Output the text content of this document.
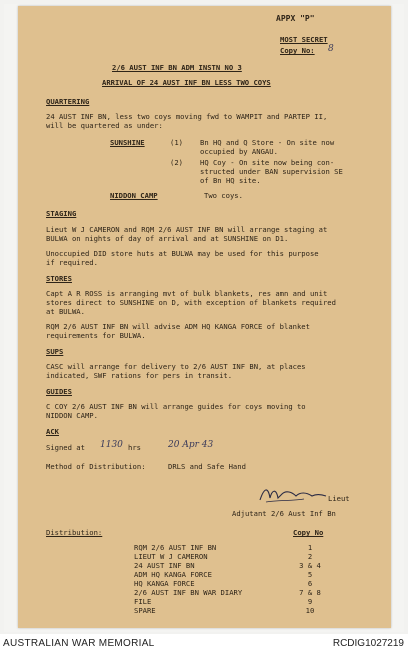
APPX "P"
MOST SECRET
Copy No: 8
2/6 AUST INF BN ADM INSTN NO 3
ARRIVAL OF 24 AUST INF BN LESS TWO COYS
QUARTERING
24 AUST INF BN, less two coys moving fwd to WAMPIT and PARTEP II,
will be quartered as under:
SUNSHINE	(1) Bn HQ and Q Store - On site now
occupied by ANGAU.
(2) HQ Coy - On site now being con-
structed under BAN supervision SE
of Bn HQ site.
NIDDON CAMP	Two coys.
STAGING
Lieut W J CAMERON and RQM 2/6 AUST INF BN will arrange staging at
BULWA on nights of day of arrival and at SUNSHINE on D1.
Unoccupied DID store huts at BULWA may be used for this purpose
if required.
STORES
Capt A R ROSS is arranging mvt of bulk blankets, res amn and unit
stores direct to SUNSHINE on D, with exception of blankets required
at BULWA.
RQM 2/6 AUST INF BN will advise ADM HQ KANGA FORCE of blanket
requirements for BULWA.
SUPS
CASC will arrange for delivery to 2/6 AUST INF BN, at places
indicated, SWF rations for pers in transit.
GUIDES
C COY 2/6 AUST INF BN will arrange guides for coys moving to
NIDDON CAMP.
ACK
Signed at 1130 hrs	20 Apr 43
Method of Distribution:	DRLS and Safe Hand
Lieut
Adjutant 2/6 Aust Inf Bn
Distribution:	Copy No
RQM 2/6 AUST INF BN	1
LIEUT W J CAMERON	2
24 AUST INF BN	3 & 4
ADM HQ KANGA FORCE	5
HQ KANGA FORCE	6
2/6 AUST INF BN WAR DIARY	7 & 8
FILE	9
SPARE	10
AUSTRALIAN WAR MEMORIAL	RCDIG1027219
